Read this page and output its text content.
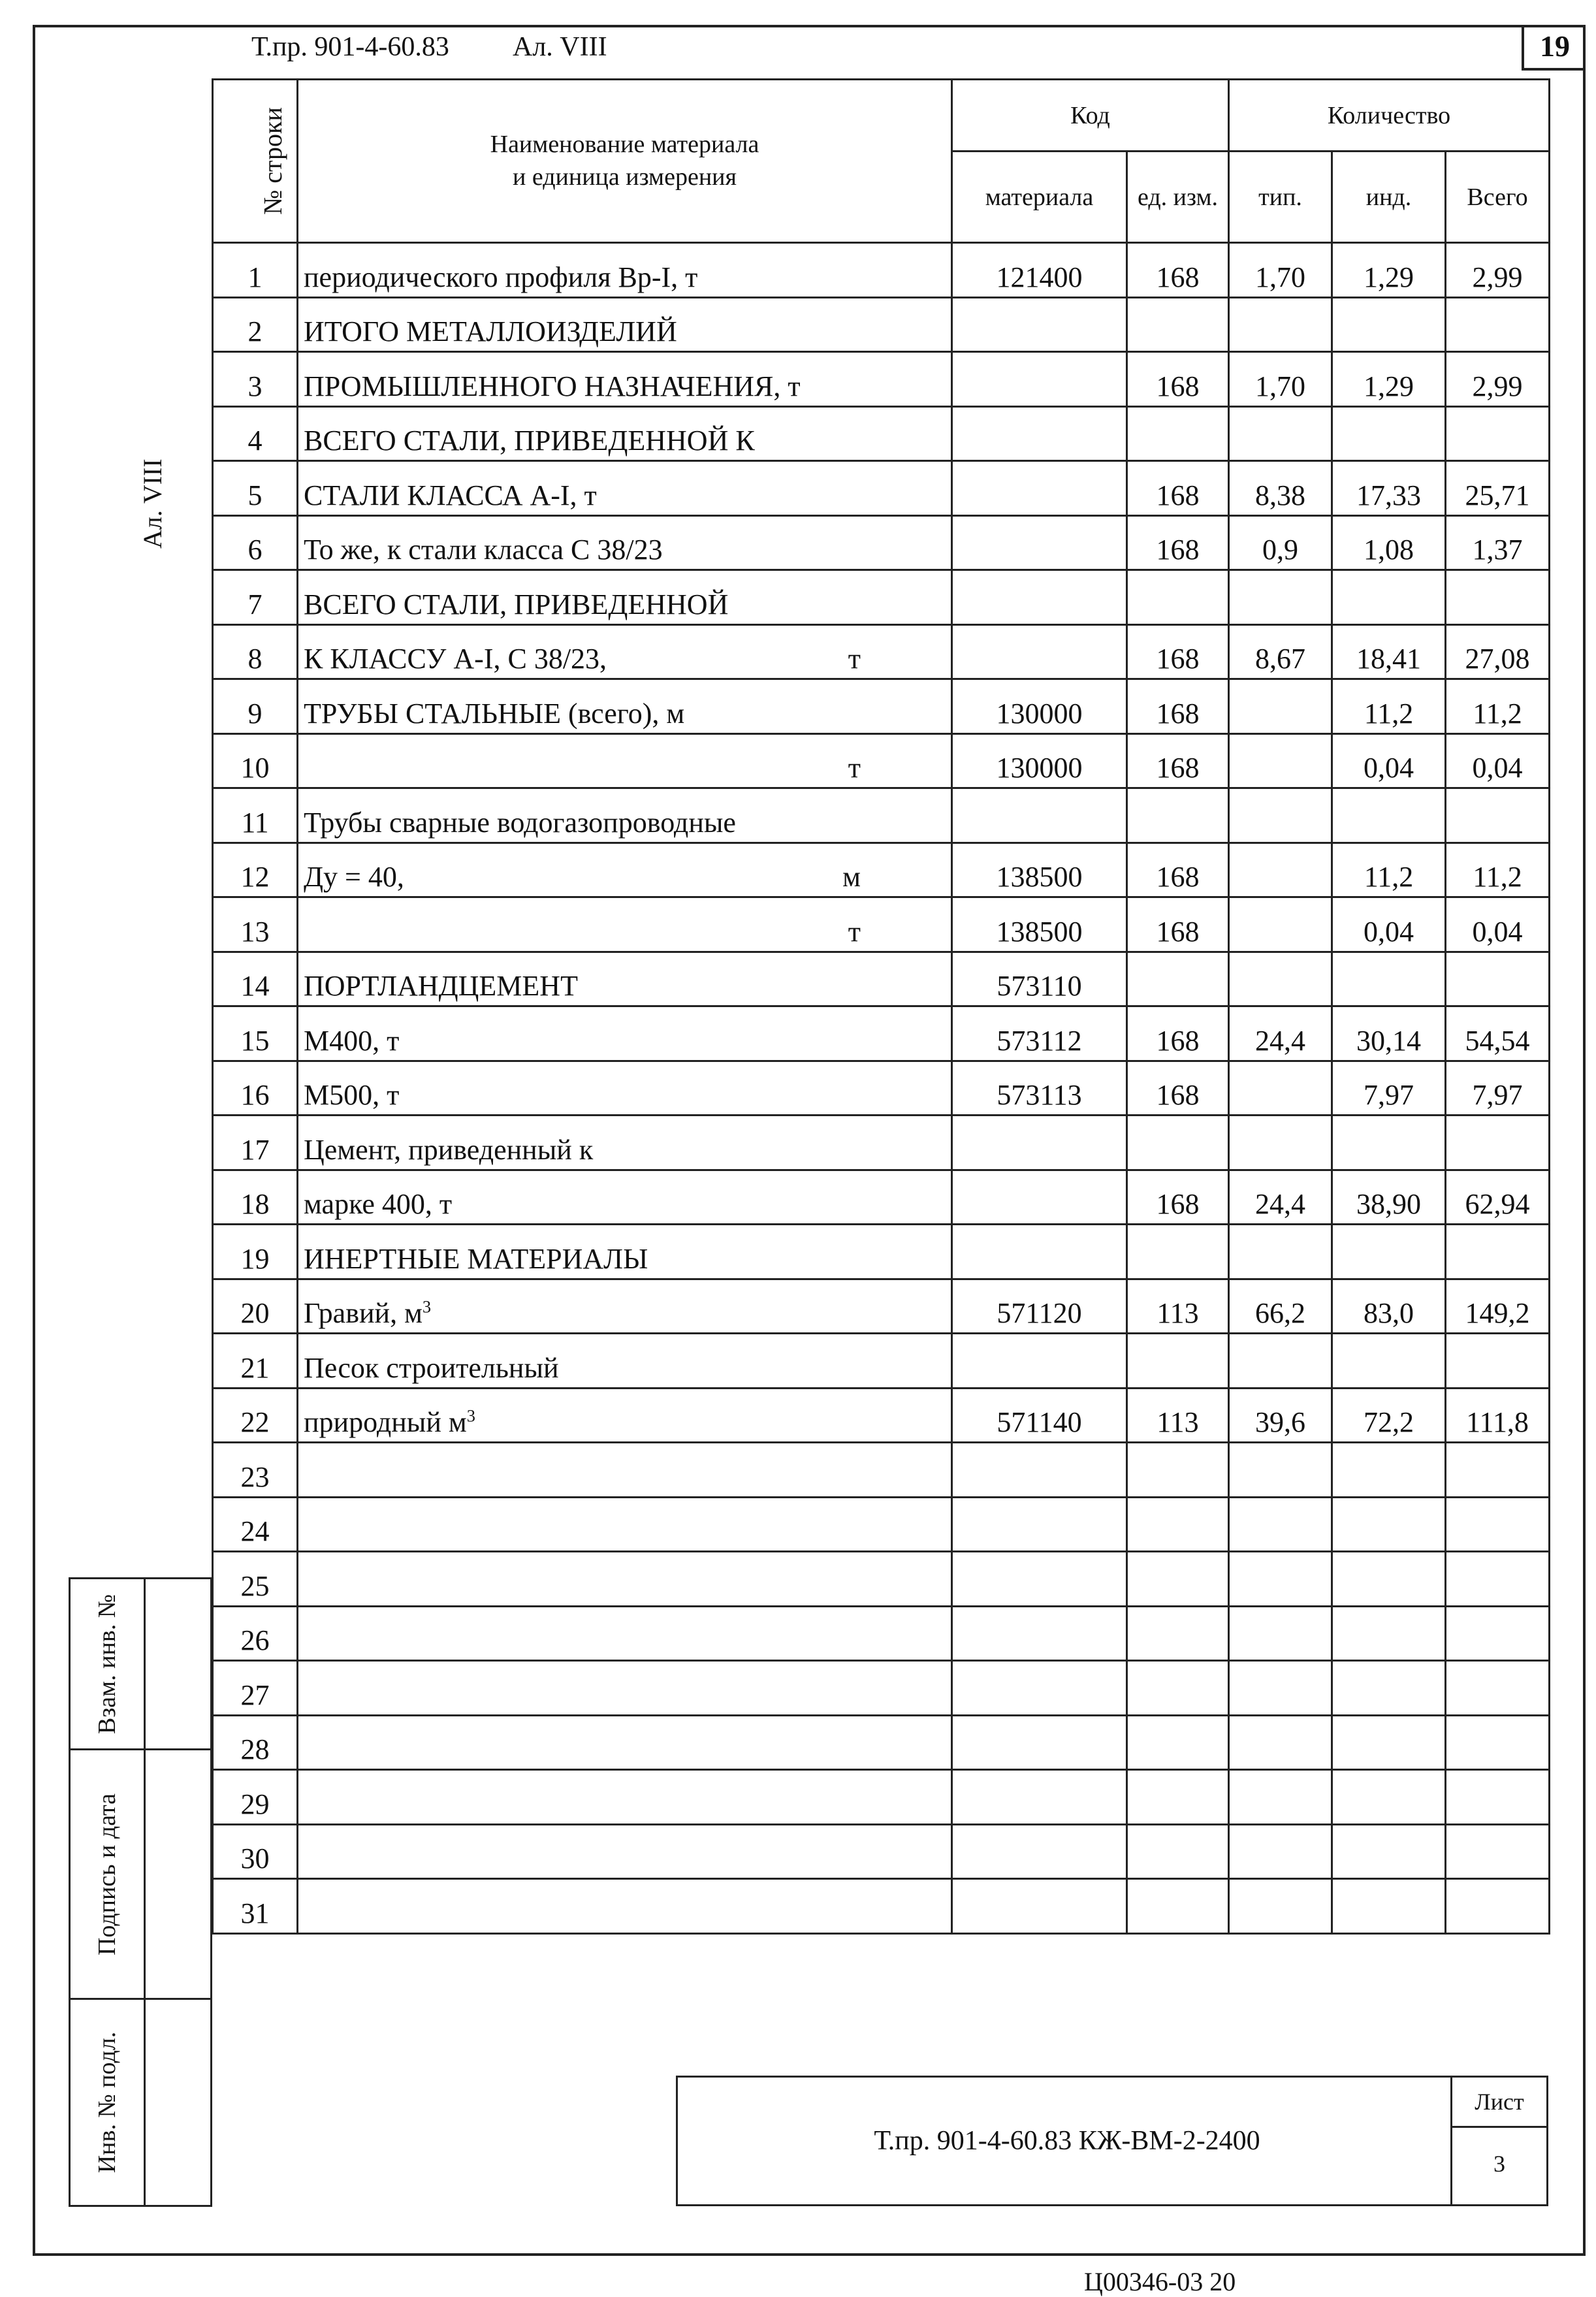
Т.пр. 901-4-60.83 Ал. VIII	19
Ал. VIII
№ строки	Наименование материала
и единица измерения	Код		Количество		
		материала	ед. изм.	тип.	инд.	Всего
1	периодического профиля Вр-I, т	121400	168	1,70	1,29	2,99
2	ИТОГО МЕТАЛЛОИЗДЕЛИЙ					

3	ПРОМЫШЛЕННОГО НАЗНАЧЕНИЯ, т		168	1,70	1,29	2,99
4	ВСЕГО СТАЛИ, ПРИВЕДЕННОЙ К					

5	СТАЛИ КЛАССА А-I, т		168	8,38	17,33	25,71
6	То же, к стали класса С 38/23		168	0,9	1,08	1,37
7	ВСЕГО СТАЛИ, ПРИВЕДЕННОЙ					

8	К КЛАССУ А-I, С 38/23, т		168	8,67	18,41	27,08
9	ТРУБЫ СТАЛЬНЫЕ (всего), м	130000	168		11,2	11,2
10	т	130000	168		0,04	0,04
11	Трубы сварные водогазопроводные					

12	Ду = 40, м	138500	168		11,2	11,2
13	т	138500	168		0,04	0,04
14	ПОРТЛАНДЦЕМЕНТ	573110				
15	М400, т	573112	168	24,4	30,14	54,54
16	М500, т	573113	168		7,97	7,97
17	Цемент, приведенный к					

18	марке 400, т		168	24,4	38,90	62,94
19	ИНЕРТНЫЕ МАТЕРИАЛЫ					

20	Гравий, $м^3$	571120	113	66,2	83,0	149,2
21	Песок строительный					

22	природный $м^3$	571140	113	39,6	72,2	111,8
23	

24	

25	

26	

27	

28	

29	

30	

31	

Взам. инв. №
Подпись и дата
Инв. № подл.	Т.пр. 901-4-60.83 КЖ-ВМ-2-2400
Лист
3
Ц00346-03 20
